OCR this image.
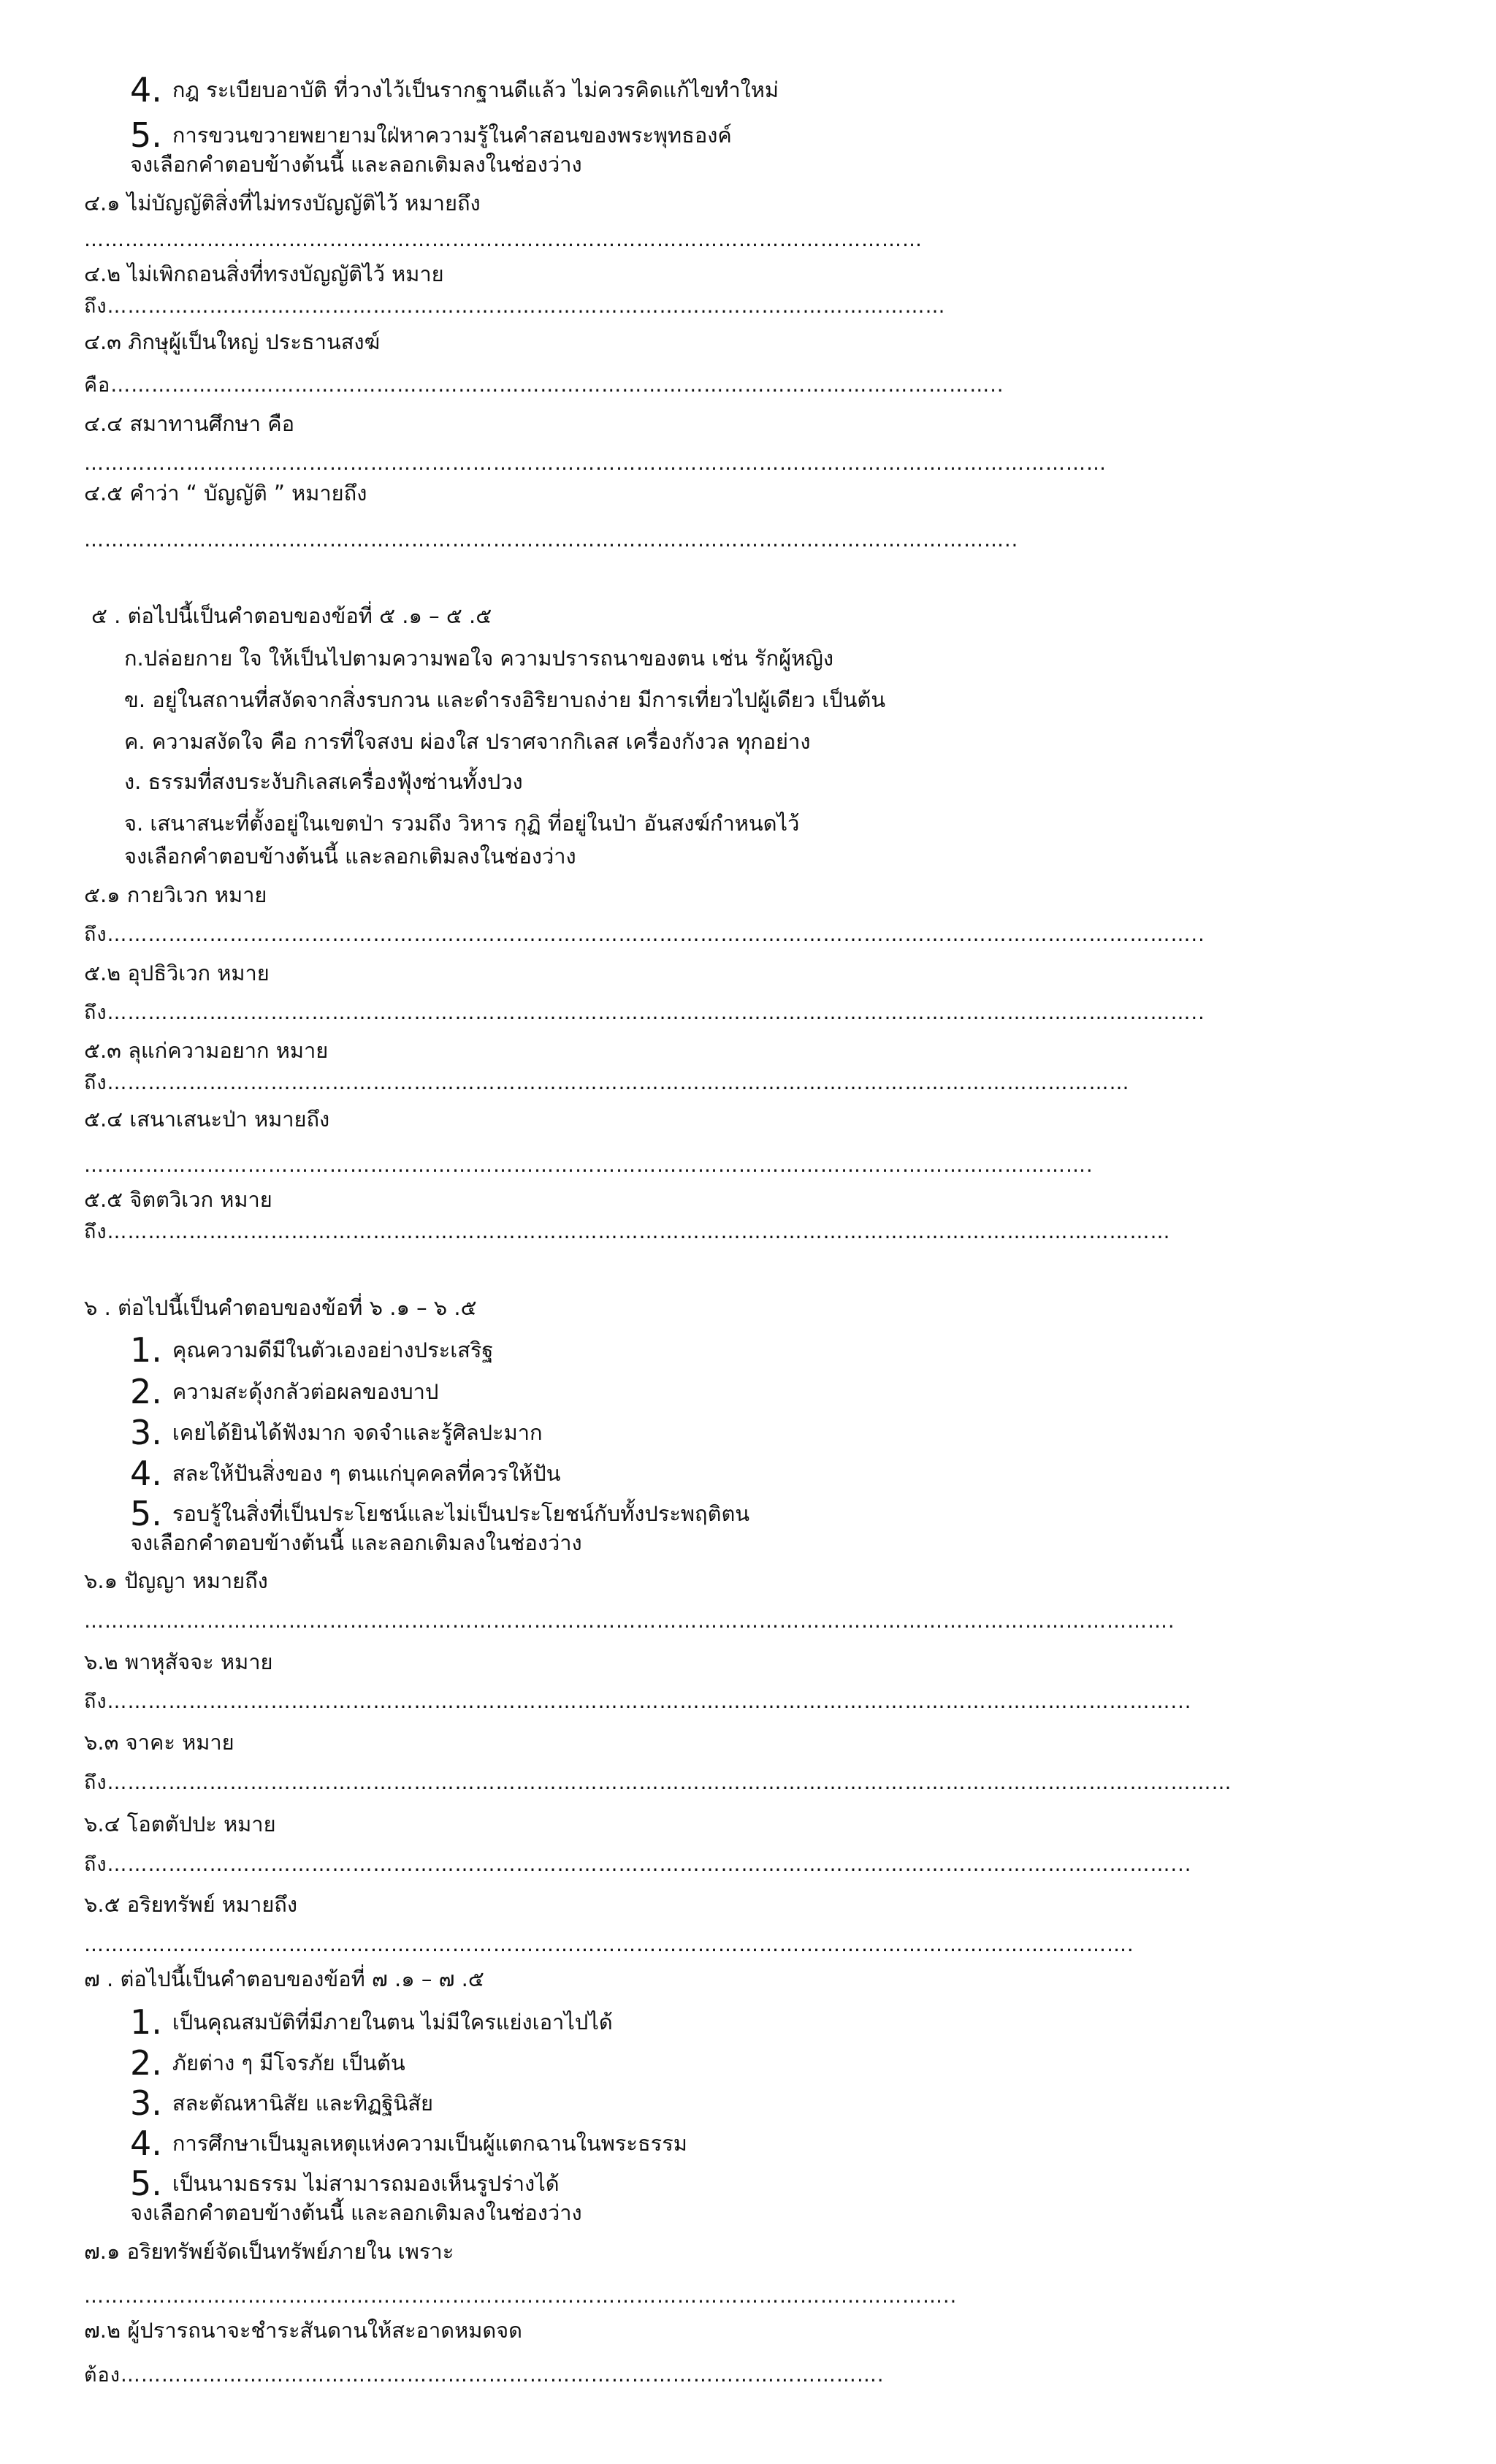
4. กฎ ระเบียบอาบัติ ที่วางไว้เป็นรากฐานดีแล้ว ไม่ควรคิดแก้ไขทำใหม่
5. การขวนขวายพยายามใฝ่หาความรู้ในคำสอนของพระพุทธองค์
จงเลือกคำตอบข้างต้นนี้ และลอกเติมลงในช่องว่าง
๔.๑ ไม่บัญญัติสิ่งที่ไม่ทรงบัญญัติไว้ หมายถึง
……………………………………………………………………………………………………………
๔.๒ ไม่เพิกถอนสิ่งที่ทรงบัญญัติไว้ หมาย
ถึง……………………………………………………………………………………………………………
๔.๓ ภิกษุผู้เป็นใหญ่ ประธานสงฆ์
คือ…………………………………………………………………………………………………………………..
๔.๔ สมาทานศึกษา คือ
……………………………………………………………………………………………………………………………………
๔.๕ คำว่า “ บัญญัติ ” หมายถึง
………………………………………………………………………………………………………………………..
๕ . ต่อไปนี้เป็นคำตอบของข้อที่ ๕ .๑ – ๕ .๕
ก.ปล่อยกาย ใจ ให้เป็นไปตามความพอใจ ความปรารถนาของตน เช่น รักผู้หญิง
ข. อยู่ในสถานที่สงัดจากสิ่งรบกวน และดำรงอิริยาบถง่าย มีการเที่ยวไปผู้เดียว เป็นต้น
ค. ความสงัดใจ คือ การที่ใจสงบ ผ่องใส ปราศจากกิเลส เครื่องกังวล ทุกอย่าง
ง. ธรรมที่สงบระงับกิเลสเครื่องฟุ้งซ่านทั้งปวง
จ. เสนาสนะที่ตั้งอยู่ในเขตป่า รวมถึง วิหาร กุฏิ ที่อยู่ในป่า อันสงฆ์กำหนดไว้
จงเลือกคำตอบข้างต้นนี้ และลอกเติมลงในช่องว่าง
๕.๑ กายวิเวก หมาย
ถึง……………………………………………………………………………………………………………………………………………..
๕.๒ อุปธิวิเวก หมาย
ถึง……………………………………………………………………………………………………………………………………………..
๕.๓ ลุแก่ความอยาก หมาย
ถึง……………………………………………………………………………………………………………………………………
๕.๔ เสนาเสนะป่า หมายถึง
………………………………………………………………………………………………………………………………….
๕.๕ จิตตวิเวก หมาย
ถึง…………………………………………………………………………………………………………………………………………
๖ . ต่อไปนี้เป็นคำตอบของข้อที่ ๖ .๑ – ๖ .๕
1. คุณความดีมีในตัวเองอย่างประเสริฐ
2. ความสะดุ้งกลัวต่อผลของบาป
3. เคยได้ยินได้ฟังมาก จดจำและรู้ศิลปะมาก
4. สละให้ปันสิ่งของ ๆ ตนแก่บุคคลที่ควรให้ปัน
5. รอบรู้ในสิ่งที่เป็นประโยชน์และไม่เป็นประโยชน์กับทั้งประพฤติตน
จงเลือกคำตอบข้างต้นนี้ และลอกเติมลงในช่องว่าง
๖.๑ ปัญญา หมายถึง
…………………………………………………………………………………………………………………………………………….
๖.๒ พาหุสัจจะ หมาย
ถึง…………………………………………………………………………………………………………………………………………...
๖.๓ จาคะ หมาย
ถึง…………………………………………………………………………………………………………………………………………………
๖.๔ โอตตัปปะ หมาย
ถึง…………………………………………………………………………………………………………………………………………...
๖.๕ อริยทรัพย์ หมายถึง
……………………………………………………………………………………………………………………………………….
๗ . ต่อไปนี้เป็นคำตอบของข้อที่ ๗ .๑ – ๗ .๕
1. เป็นคุณสมบัติที่มีภายในตน ไม่มีใครแย่งเอาไปได้
2. ภัยต่าง ๆ มีโจรภัย เป็นต้น
3. สละตัณหานิสัย และทิฏฐินิสัย
4. การศึกษาเป็นมูลเหตุแห่งความเป็นผู้แตกฉานในพระธรรม
5. เป็นนามธรรม ไม่สามารถมองเห็นรูปร่างได้
จงเลือกคำตอบข้างต้นนี้ และลอกเติมลงในช่องว่าง
๗.๑ อริยทรัพย์จัดเป็นทรัพย์ภายใน เพราะ
………………………………………………………………………………………………………………..
๗.๒ ผู้ปรารถนาจะชำระสันดานให้สะอาดหมดจด
ต้อง………………………………………………………………………………………………….
